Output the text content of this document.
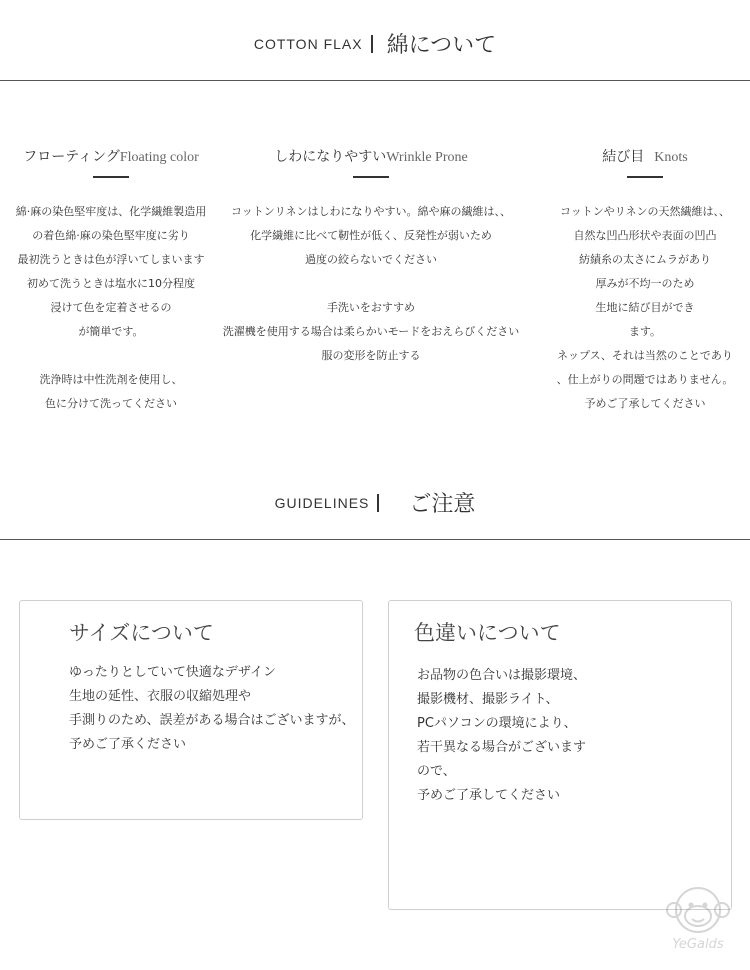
COTTON FLAX 綿について
フローティング Floating color
綿·麻の染色堅牢度は、化学繊維製造用
の着色綿·麻の染色堅牢度に劣り
最初洗うときは色が浮いてしまいます
初めて洗うときは塩水に10分程度
浸けて色を定着させるの
が簡単です。
洗浄時は中性洗剤を使用し、
色に分けて洗ってください
しわになりやすい Wrinkle Prone
コットンリネンはしわになりやすい。綿や麻の繊維は、、
化学繊維に比べて靭性が低く、反発性が弱いため
過度の絞らないでください
手洗いをおすすめ
洗濯機を使用する場合は柔らかいモードをおえらびください
服の変形を防止する
結び目 Knots
コットンやリネンの天然繊維は、、
自然な凹凸形状や表面の凹凸
紡績糸の太さにムラがあり
厚みが不均一のため
生地に結び目ができ
ます。
ネップス、それは当然のことであり
、仕上がりの問題ではありません。
予めご了承してください
GUIDELINES ご注意
サイズについて
ゆったりとしていて快適なデザイン
生地の延性、衣服の収縮処理や
手測りのため、誤差がある場合はございますが、
予めご了承ください
色違いについて
お品物の色合いは撮影環境、
撮影機材、撮影ライト、
PCパソコンの環境により、
若干異なる場合がございます
ので、
予めご了承してください
YeGalds
